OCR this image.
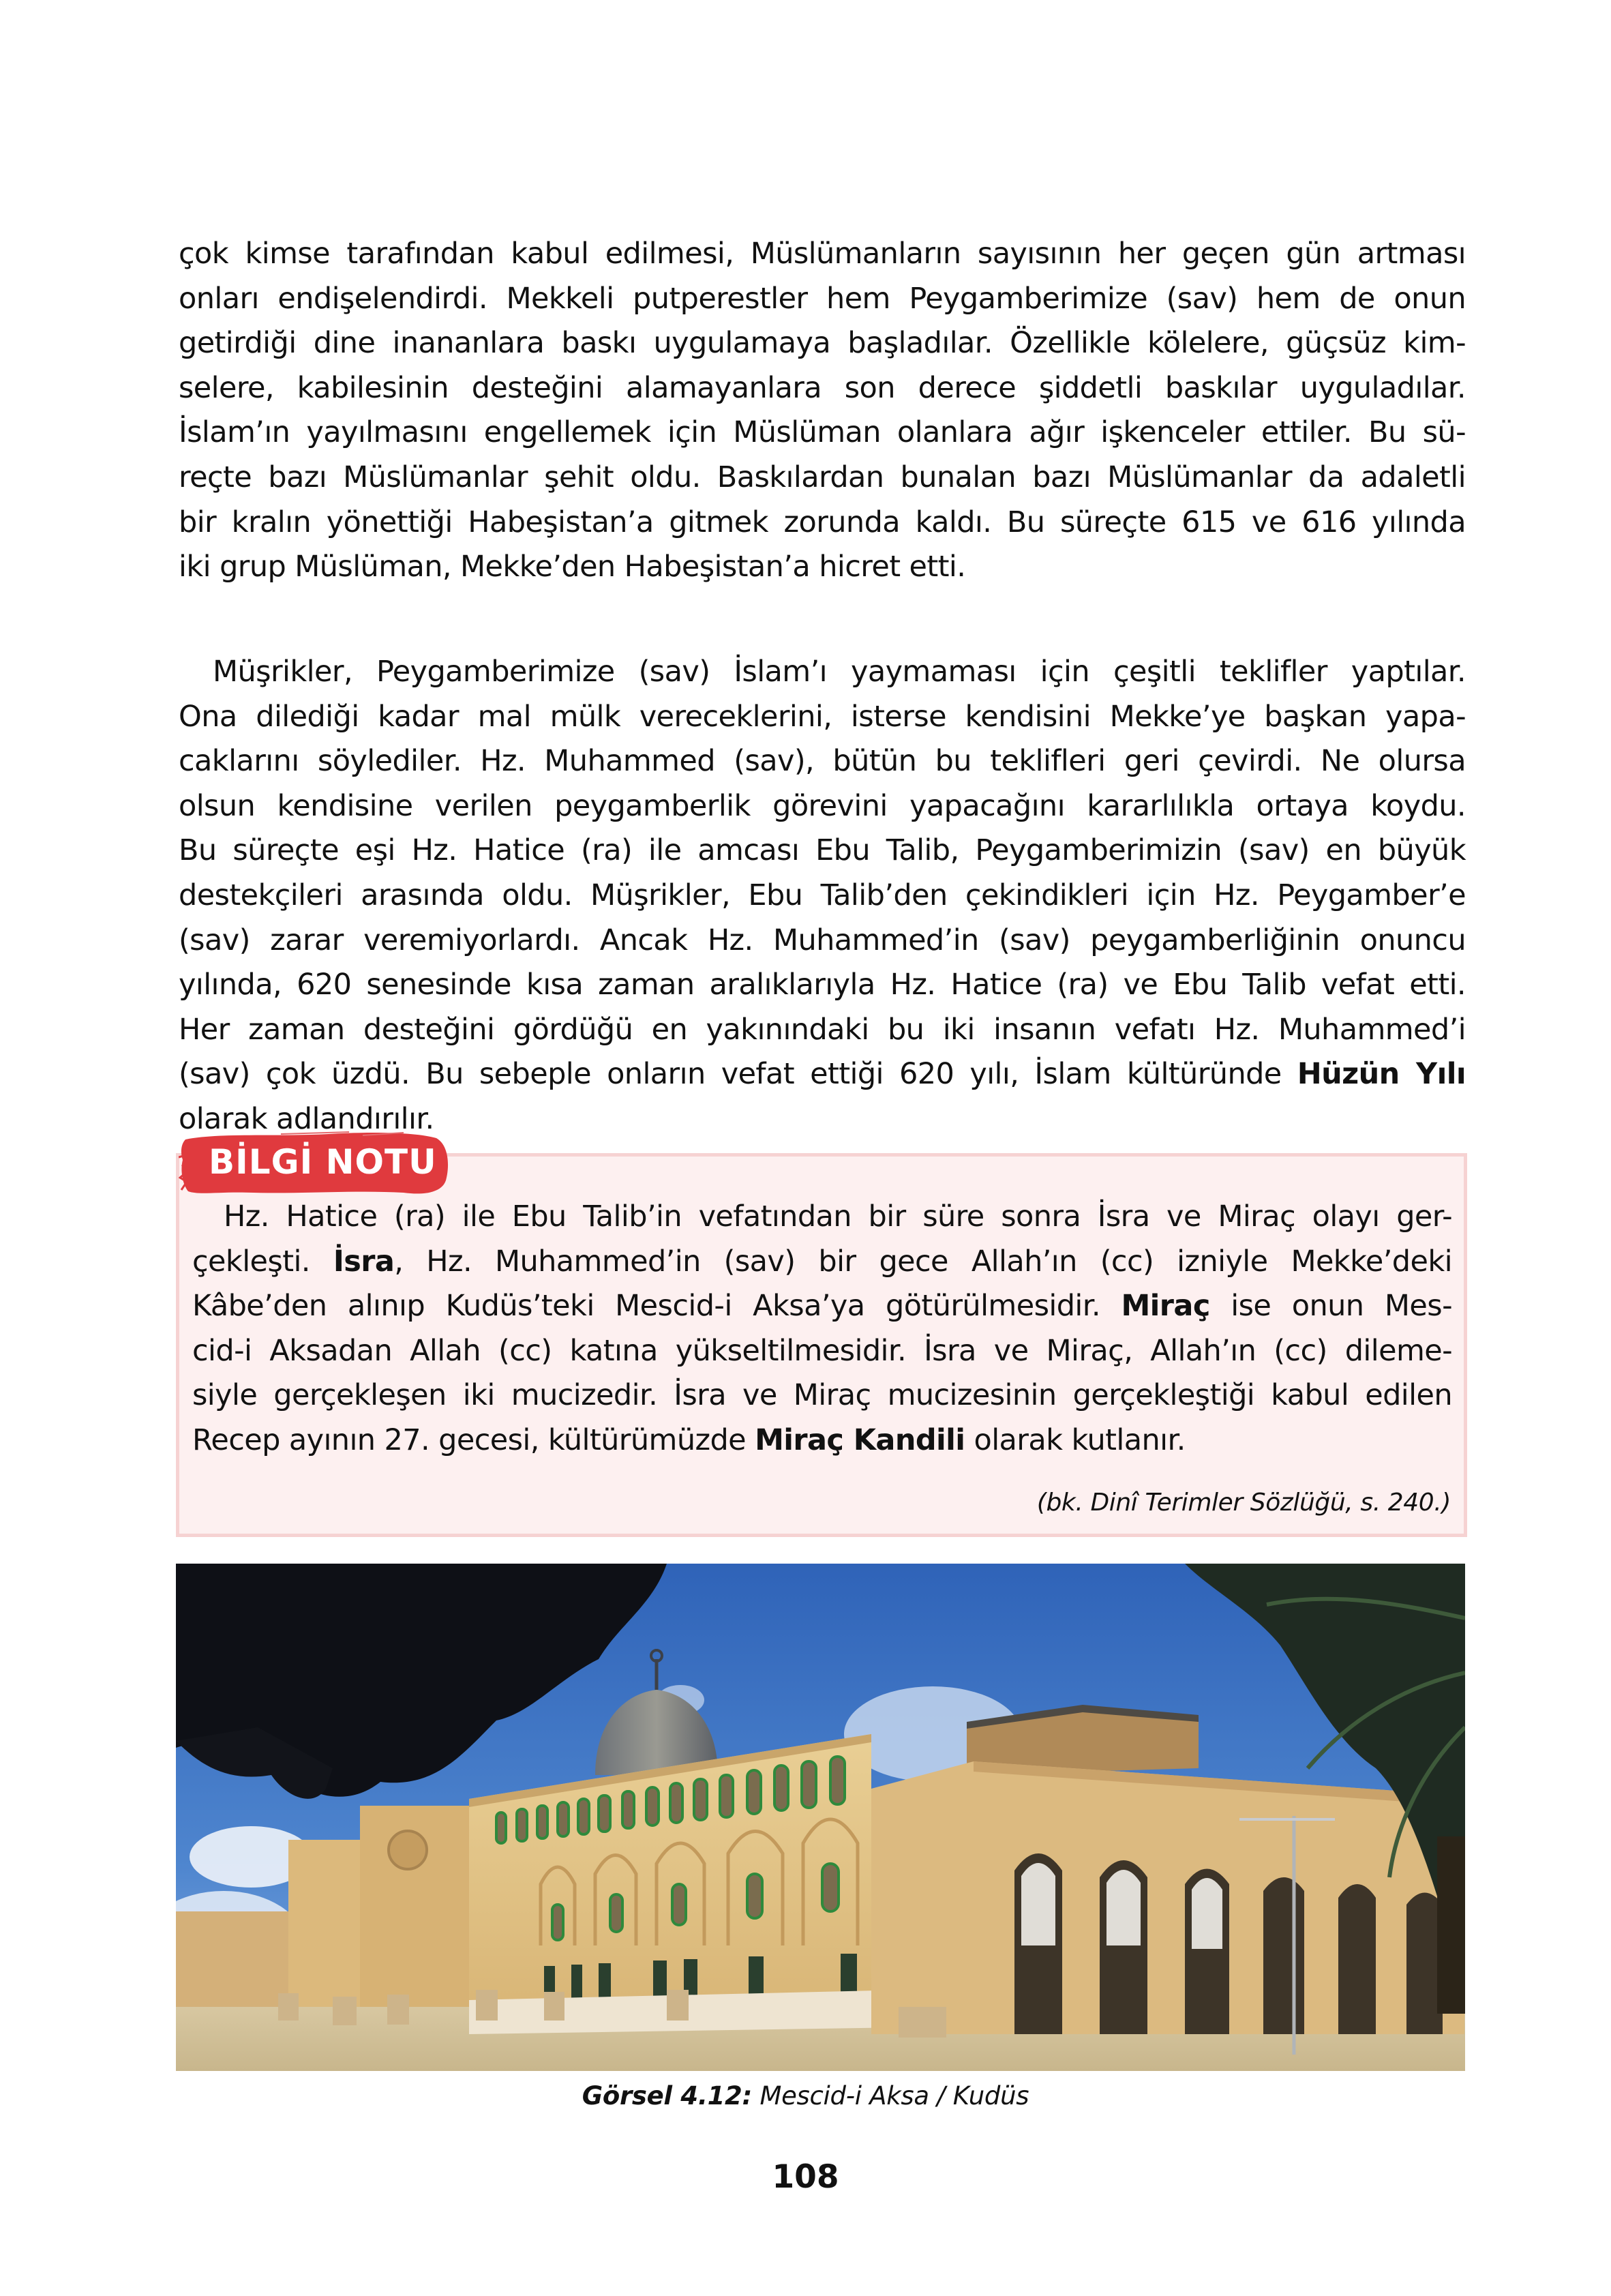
çok kimse tarafından kabul edilmesi, Müslümanların sayısının her geçen gün artması
onları endişelendirdi. Mekkeli putperestler hem Peygamberimize (sav) hem de onun
getirdiği dine inananlara baskı uygulamaya başladılar. Özellikle kölelere, güçsüz kim-
selere, kabilesinin desteğini alamayanlara son derece şiddetli baskılar uyguladılar.
İslam’ın yayılmasını engellemek için Müslüman olanlara ağır işkenceler ettiler. Bu sü-
reçte bazı Müslümanlar şehit oldu. Baskılardan bunalan bazı Müslümanlar da adaletli
bir kralın yönettiği Habeşistan’a gitmek zorunda kaldı. Bu süreçte 615 ve 616 yılında
iki grup Müslüman, Mekke’den Habeşistan’a hicret etti.
Müşrikler, Peygamberimize (sav) İslam’ı yaymaması için çeşitli teklifler yaptılar.
Ona dilediği kadar mal mülk vereceklerini, isterse kendisini Mekke’ye başkan yapa-
caklarını söylediler. Hz. Muhammed (sav), bütün bu teklifleri geri çevirdi. Ne olursa
olsun kendisine verilen peygamberlik görevini yapacağını kararlılıkla ortaya koydu.
Bu süreçte eşi Hz. Hatice (ra) ile amcası Ebu Talib, Peygamberimizin (sav) en büyük
destekçileri arasında oldu. Müşrikler, Ebu Talib’den çekindikleri için Hz. Peygamber’e
(sav) zarar veremiyorlardı. Ancak Hz. Muhammed’in (sav) peygamberliğinin onuncu
yılında, 620 senesinde kısa zaman aralıklarıyla Hz. Hatice (ra) ve Ebu Talib vefat etti.
Her zaman desteğini gördüğü en yakınındaki bu iki insanın vefatı Hz. Muhammed’i
(sav) çok üzdü. Bu sebeple onların vefat ettiği 620 yılı, İslam kültüründe Hüzün Yılı
olarak adlandırılır.
BİLGİ NOTU
Hz. Hatice (ra) ile Ebu Talib’in vefatından bir süre sonra İsra ve Miraç olayı ger-
çekleşti. İsra, Hz. Muhammed’in (sav) bir gece Allah’ın (cc) izniyle Mekke’deki
Kâbe’den alınıp Kudüs’teki Mescid-i Aksa’ya götürülmesidir. Miraç ise onun Mes-
cid-i Aksadan Allah (cc) katına yükseltilmesidir. İsra ve Miraç, Allah’ın (cc) dileme-
siyle gerçekleşen iki mucizedir. İsra ve Miraç mucizesinin gerçekleştiği kabul edilen
Recep ayının 27. gecesi, kültürümüzde Miraç Kandili olarak kutlanır.
(bk. Dinî Terimler Sözlüğü, s. 240.)
Görsel 4.12: Mescid-i Aksa / Kudüs
108
